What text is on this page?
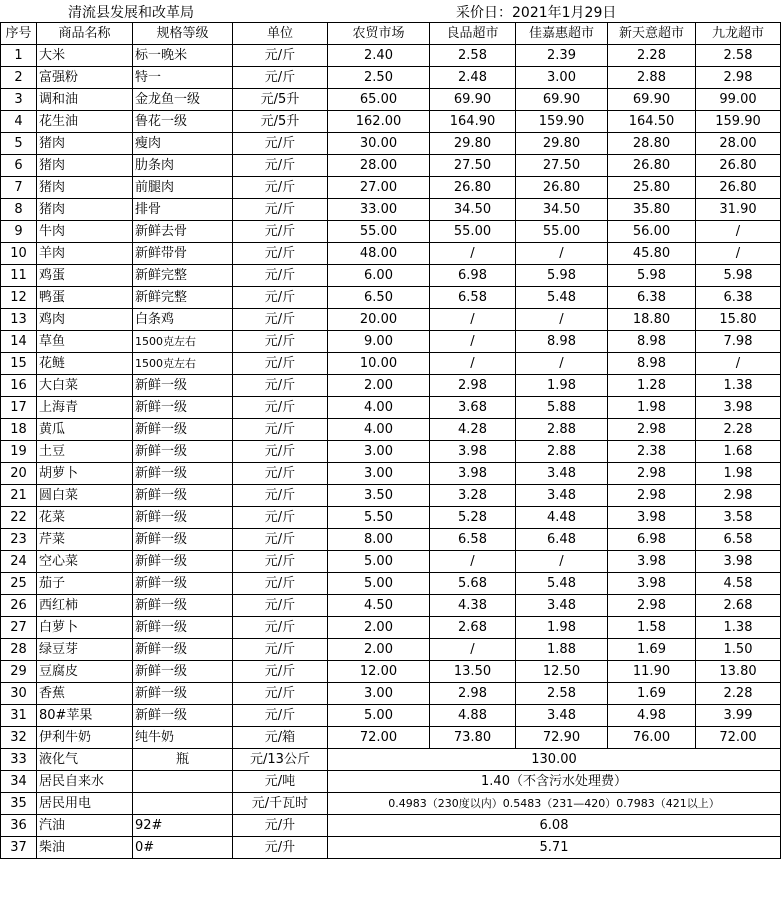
清流县发展和改革局	采价日：2021年1月29日
序号	商品名称	规格等级	单位	农贸市场	良品超市	佳嘉惠超市	新天意超市	九龙超市
1	大米	标一晚米	元/斤	2.40	2.58	2.39	2.28	2.58
2	富强粉	特一	元/斤	2.50	2.48	3.00	2.88	2.98
3	调和油	金龙鱼一级	元/5升	65.00	69.90	69.90	69.90	99.00
4	花生油	鲁花一级	元/5升	162.00	164.90	159.90	164.50	159.90
5	猪肉	瘦肉	元/斤	30.00	29.80	29.80	28.80	28.00
6	猪肉	肋条肉	元/斤	28.00	27.50	27.50	26.80	26.80
7	猪肉	前腿肉	元/斤	27.00	26.80	26.80	25.80	26.80
8	猪肉	排骨	元/斤	33.00	34.50	34.50	35.80	31.90
9	牛肉	新鲜去骨	元/斤	55.00	55.00	55.00	56.00	/
10	羊肉	新鲜带骨	元/斤	48.00	/	/	45.80	/
11	鸡蛋	新鲜完整	元/斤	6.00	6.98	5.98	5.98	5.98
12	鸭蛋	新鲜完整	元/斤	6.50	6.58	5.48	6.38	6.38
13	鸡肉	白条鸡	元/斤	20.00	/	/	18.80	15.80
14	草鱼	1500克左右	元/斤	9.00	/	8.98	8.98	7.98
15	花鲢	1500克左右	元/斤	10.00	/	/	8.98	/
16	大白菜	新鲜一级	元/斤	2.00	2.98	1.98	1.28	1.38
17	上海青	新鲜一级	元/斤	4.00	3.68	5.88	1.98	3.98
18	黄瓜	新鲜一级	元/斤	4.00	4.28	2.88	2.98	2.28
19	土豆	新鲜一级	元/斤	3.00	3.98	2.88	2.38	1.68
20	胡萝卜	新鲜一级	元/斤	3.00	3.98	3.48	2.98	1.98
21	圆白菜	新鲜一级	元/斤	3.50	3.28	3.48	2.98	2.98
22	花菜	新鲜一级	元/斤	5.50	5.28	4.48	3.98	3.58
23	芹菜	新鲜一级	元/斤	8.00	6.58	6.48	6.98	6.58
24	空心菜	新鲜一级	元/斤	5.00	/	/	3.98	3.98
25	茄子	新鲜一级	元/斤	5.00	5.68	5.48	3.98	4.58
26	西红柿	新鲜一级	元/斤	4.50	4.38	3.48	2.98	2.68
27	白萝卜	新鲜一级	元/斤	2.00	2.68	1.98	1.58	1.38
28	绿豆芽	新鲜一级	元/斤	2.00	/	1.88	1.69	1.50
29	豆腐皮	新鲜一级	元/斤	12.00	13.50	12.50	11.90	13.80
30	香蕉	新鲜一级	元/斤	3.00	2.98	2.58	1.69	2.28
31	80#苹果	新鲜一级	元/斤	5.00	4.88	3.48	4.98	3.99
32	伊利牛奶	纯牛奶	元/箱	72.00	73.80	72.90	76.00	72.00
33	液化气	瓶	元/13公斤	130.00				
34	居民自来水		元/吨	1.40（不含污水处理费）				
35	居民用电		元/千瓦时	0.4983（230度以内）0.5483（231—420）0.7983（421以上）				
36	汽油	92#	元/升	6.08				
37	柴油	0#	元/升	5.71				
